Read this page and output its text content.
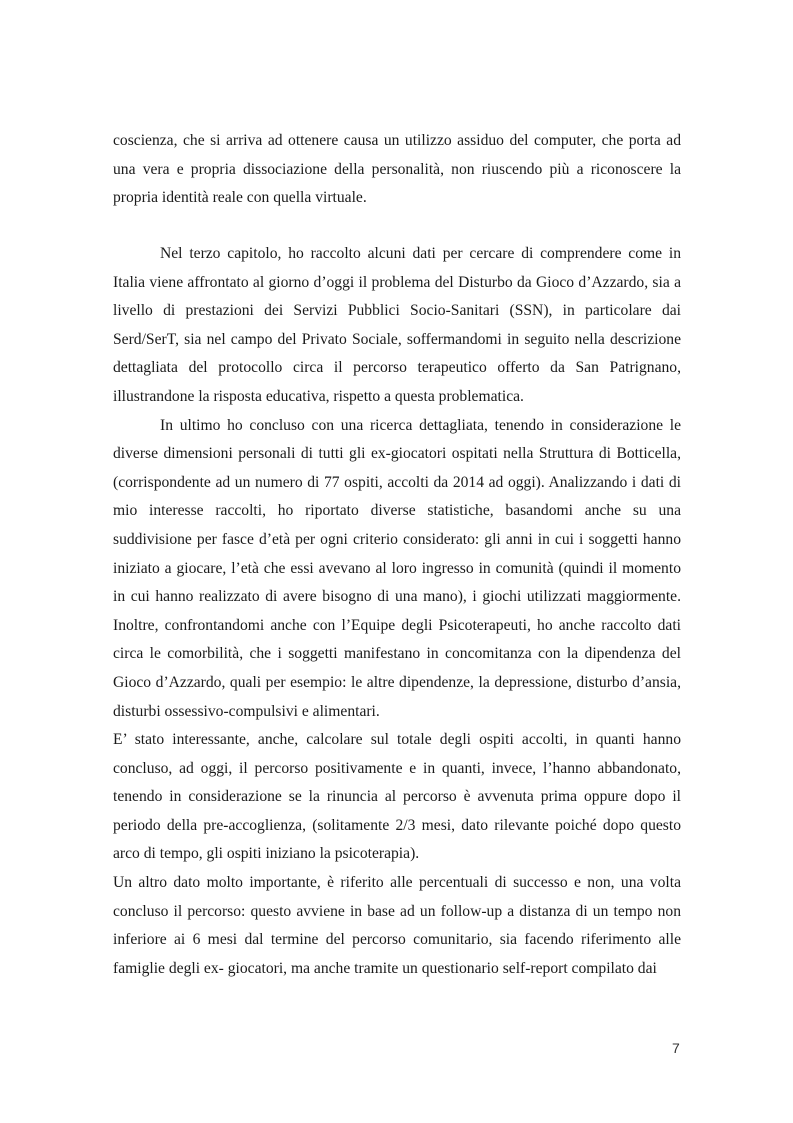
coscienza, che si arriva ad ottenere causa un utilizzo assiduo del computer, che porta ad una vera e propria dissociazione della personalità, non riuscendo più a riconoscere la propria identità reale con quella virtuale.

Nel terzo capitolo, ho raccolto alcuni dati per cercare di comprendere come in Italia viene affrontato al giorno d’oggi il problema del Disturbo da Gioco d’Azzardo, sia a livello di prestazioni dei Servizi Pubblici Socio-Sanitari (SSN), in particolare dai Serd/SerT, sia nel campo del Privato Sociale, soffermandomi in seguito nella descrizione dettagliata del protocollo circa il percorso terapeutico offerto da San Patrignano, illustrandone la risposta educativa, rispetto a questa problematica.

In ultimo ho concluso con una ricerca dettagliata, tenendo in considerazione le diverse dimensioni personali di tutti gli ex-giocatori ospitati nella Struttura di Botticella, (corrispondente ad un numero di 77 ospiti, accolti da 2014 ad oggi). Analizzando i dati di mio interesse raccolti, ho riportato diverse statistiche, basandomi anche su una suddivisione per fasce d’età per ogni criterio considerato: gli anni in cui i soggetti hanno iniziato a giocare, l’età che essi avevano al loro ingresso in comunità (quindi il momento in cui hanno realizzato di avere bisogno di una mano), i giochi utilizzati maggiormente. Inoltre, confrontandomi anche con l’Equipe degli Psicoterapeuti, ho anche raccolto dati circa le comorbilità, che i soggetti manifestano in concomitanza con la dipendenza del Gioco d’Azzardo, quali per esempio: le altre dipendenze, la depressione, disturbo d’ansia, disturbi ossessivo-compulsivi e alimentari.

E’ stato interessante, anche, calcolare sul totale degli ospiti accolti, in quanti hanno concluso, ad oggi, il percorso positivamente e in quanti, invece, l’hanno abbandonato, tenendo in considerazione se la rinuncia al percorso è avvenuta prima oppure dopo il periodo della pre-accoglienza, (solitamente 2/3 mesi, dato rilevante poiché dopo questo arco di tempo, gli ospiti iniziano la psicoterapia).

Un altro dato molto importante, è riferito alle percentuali di successo e non, una volta concluso il percorso: questo avviene in base ad un follow-up a distanza di un tempo non inferiore ai 6 mesi dal termine del percorso comunitario, sia facendo riferimento alle famiglie degli ex- giocatori, ma anche tramite un questionario self-report compilato dai

7
